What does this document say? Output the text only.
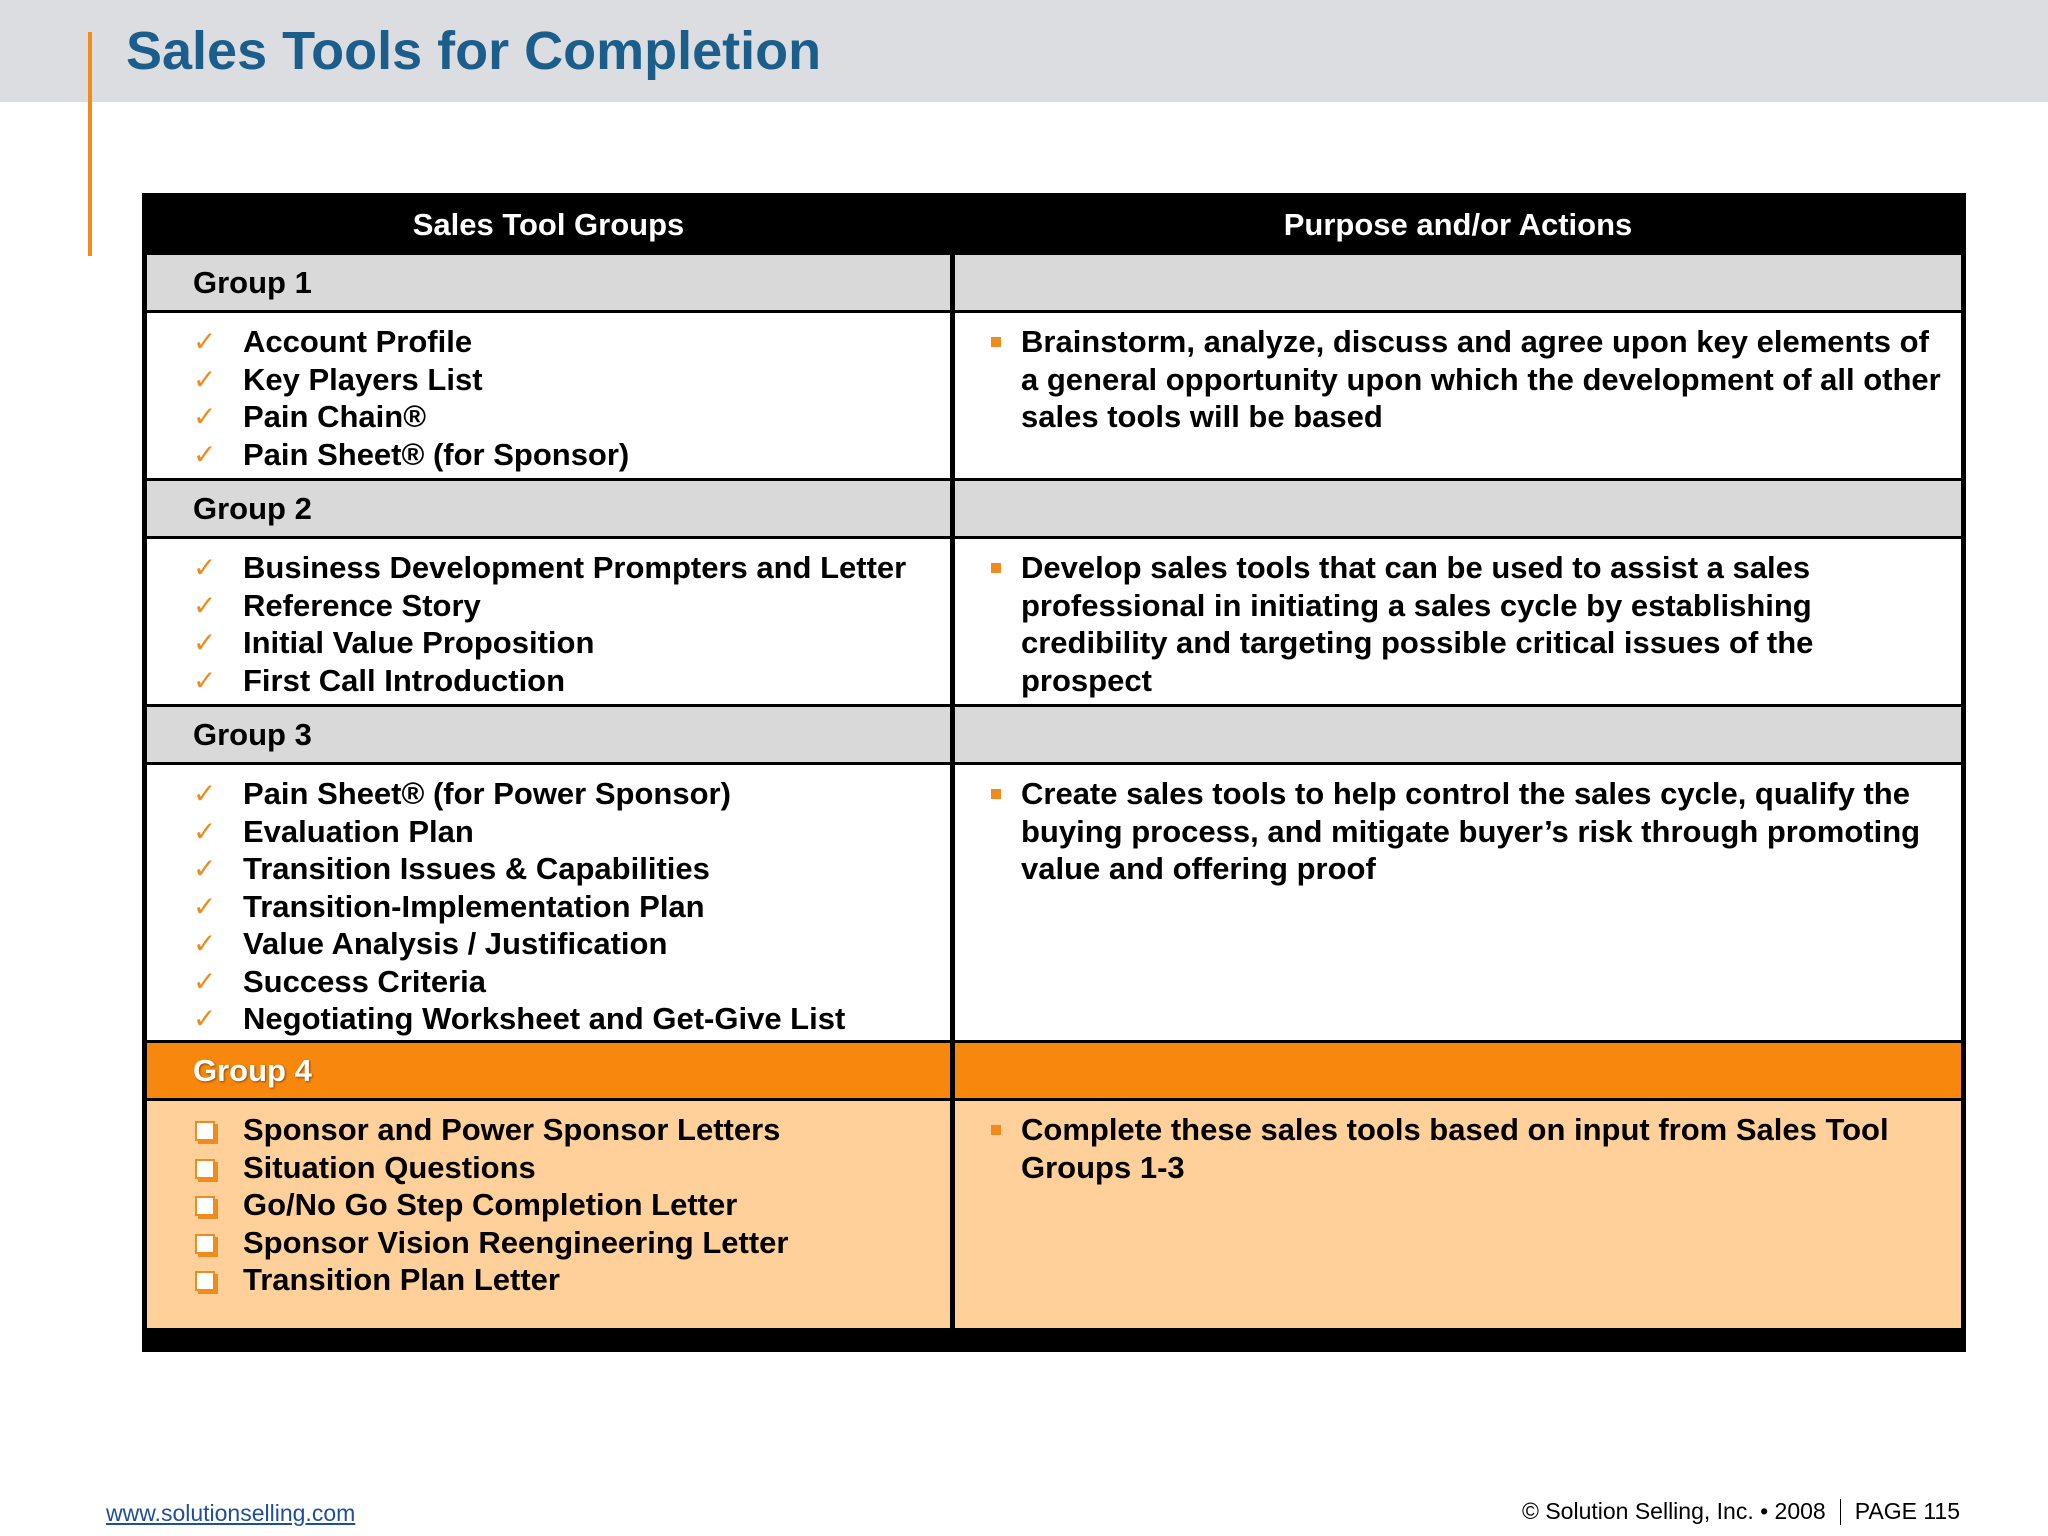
Sales Tools for Completion
Sales Tool Groups	Purpose and/or Actions
Group 1
✓ Account Profile
✓ Key Players List
✓ Pain Chain®
✓ Pain Sheet® (for Sponsor)
Brainstorm, analyze, discuss and agree upon key elements of a general opportunity upon which the development of all other sales tools will be based
Group 2
✓ Business Development Prompters and Letter
✓ Reference Story
✓ Initial Value Proposition
✓ First Call Introduction
Develop sales tools that can be used to assist a sales professional in initiating a sales cycle by establishing credibility and targeting possible critical issues of the prospect
Group 3
✓ Pain Sheet® (for Power Sponsor)
✓ Evaluation Plan
✓ Transition Issues & Capabilities
✓ Transition-Implementation Plan
✓ Value Analysis / Justification
✓ Success Criteria
✓ Negotiating Worksheet and Get-Give List
Create sales tools to help control the sales cycle, qualify the buying process, and mitigate buyer’s risk through promoting value and offering proof
Group 4
Sponsor and Power Sponsor Letters
Situation Questions
Go/No Go Step Completion Letter
Sponsor Vision Reengineering Letter
Transition Plan Letter
Complete these sales tools based on input from Sales Tool Groups 1-3
www.solutionselling.com	© Solution Selling, Inc. • 2008 PAGE 115
